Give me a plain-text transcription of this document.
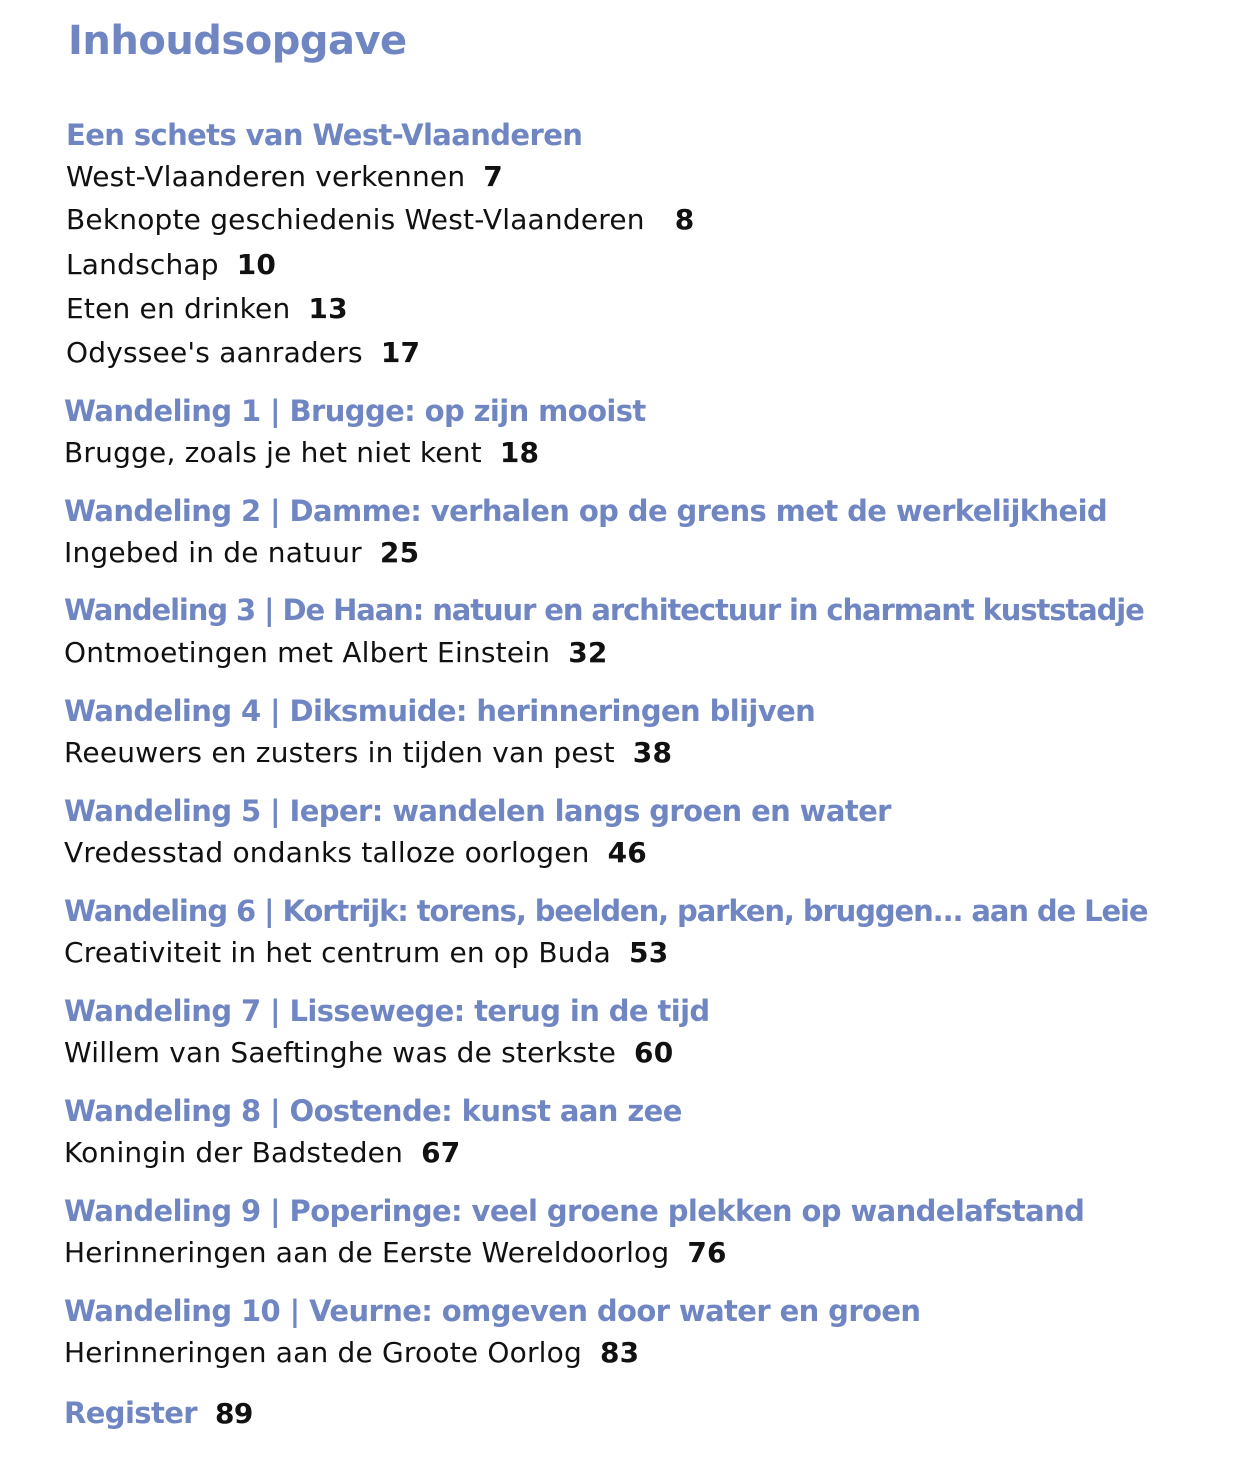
Inhoudsopgave
Een schets van West-Vlaanderen
West-Vlaanderen verkennen 7
Beknopte geschiedenis West-Vlaanderen 8
Landschap 10
Eten en drinken 13
Odyssee's aanraders 17
Wandeling 1 | Brugge: op zijn mooist
Brugge, zoals je het niet kent 18
Wandeling 2 | Damme: verhalen op de grens met de werkelijkheid
Ingebed in de natuur 25
Wandeling 3 | De Haan: natuur en architectuur in charmant kuststadje
Ontmoetingen met Albert Einstein 32
Wandeling 4 | Diksmuide: herinneringen blijven
Reeuwers en zusters in tijden van pest 38
Wandeling 5 | Ieper: wandelen langs groen en water
Vredesstad ondanks talloze oorlogen 46
Wandeling 6 | Kortrijk: torens, beelden, parken, bruggen... aan de Leie
Creativiteit in het centrum en op Buda 53
Wandeling 7 | Lissewege: terug in de tijd
Willem van Saeftinghe was de sterkste 60
Wandeling 8 | Oostende: kunst aan zee
Koningin der Badsteden 67
Wandeling 9 | Poperinge: veel groene plekken op wandelafstand
Herinneringen aan de Eerste Wereldoorlog 76
Wandeling 10 | Veurne: omgeven door water en groen
Herinneringen aan de Groote Oorlog 83
Register 89
